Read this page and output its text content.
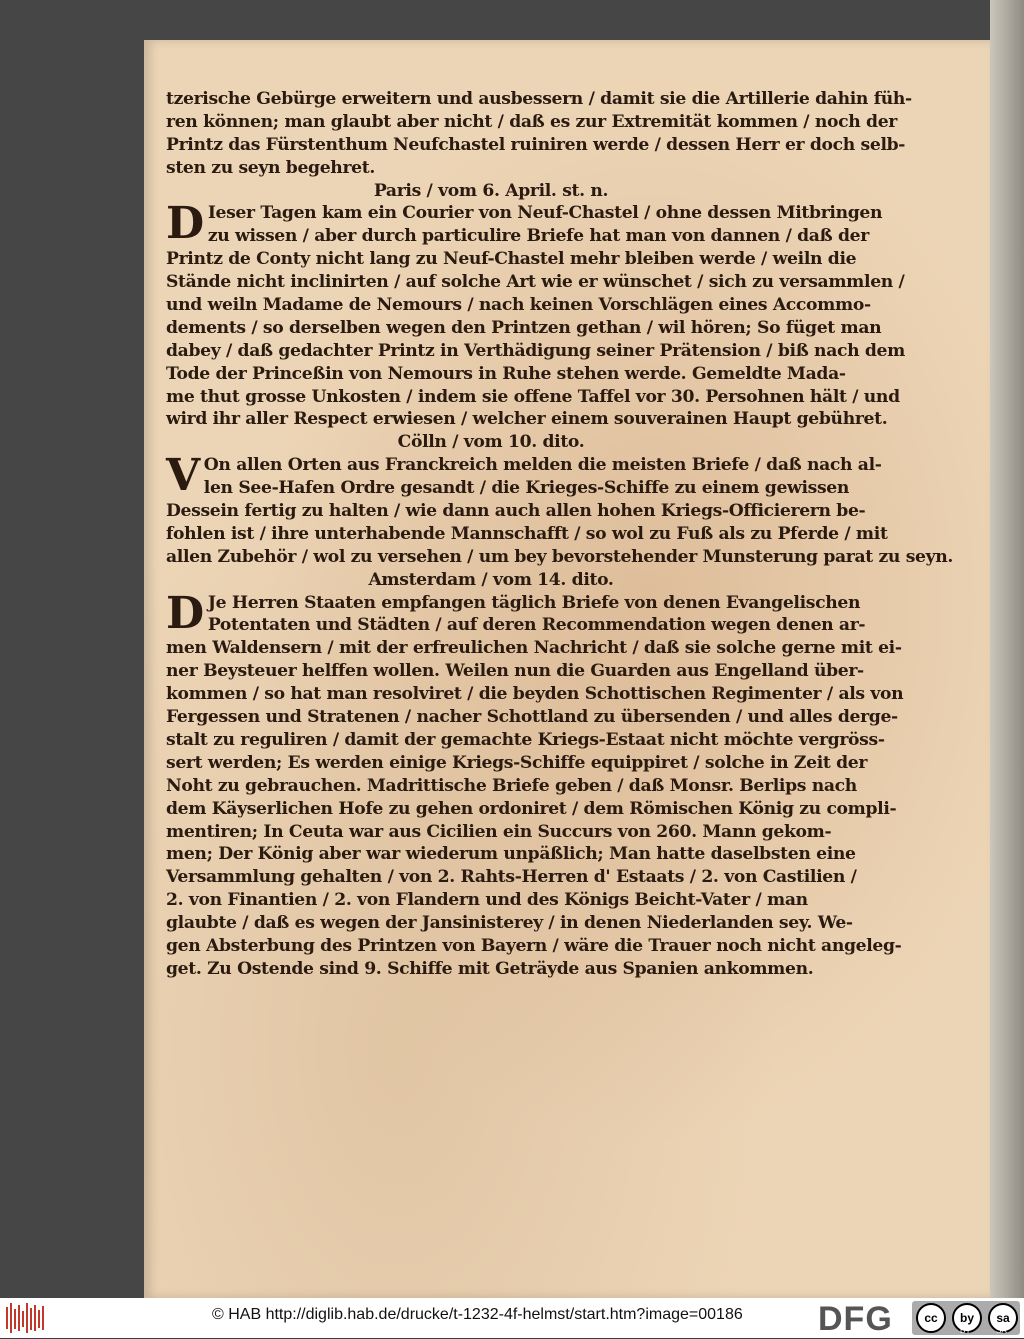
tzerische Gebürge erweitern und ausbessern / damit sie die Artillerie dahin füh-
ren können; man glaubt aber nicht / daß es zur Extremität kommen / noch der
Printz das Fürstenthum Neufchastel ruiniren werde / dessen Herr er doch selb-
sten zu seyn begehret.
Paris / vom 6. April. st. n.
D Ieser Tagen kam ein Courier von Neuf-Chastel / ohne dessen Mitbringen
zu wissen / aber durch particulire Briefe hat man von dannen / daß der
Printz de Conty nicht lang zu Neuf-Chastel mehr bleiben werde / weiln die
Stände nicht inclinirten / auf solche Art wie er wünschet / sich zu versammlen /
und weiln Madame de Nemours / nach keinen Vorschlägen eines Accommo-
dements / so derselben wegen den Printzen gethan / wil hören; So füget man
dabey / daß gedachter Printz in Verthädigung seiner Prätension / biß nach dem
Tode der Princeßin von Nemours in Ruhe stehen werde. Gemeldte Mada-
me thut grosse Unkosten / indem sie offene Taffel vor 30. Persohnen hält / und
wird ihr aller Respect erwiesen / welcher einem souverainen Haupt gebühret.
Cölln / vom 10. dito.
V On allen Orten aus Franckreich melden die meisten Briefe / daß nach al-
len See-Hafen Ordre gesandt / die Krieges-Schiffe zu einem gewissen
Dessein fertig zu halten / wie dann auch allen hohen Kriegs-Officierern be-
fohlen ist / ihre unterhabende Mannschafft / so wol zu Fuß als zu Pferde / mit
allen Zubehör / wol zu versehen / um bey bevorstehender Munsterung parat zu seyn.
Amsterdam / vom 14. dito.
D Je Herren Staaten empfangen täglich Briefe von denen Evangelischen
Potentaten und Städten / auf deren Recommendation wegen denen ar-
men Waldensern / mit der erfreulichen Nachricht / daß sie solche gerne mit ei-
ner Beysteuer helffen wollen. Weilen nun die Guarden aus Engelland über-
kommen / so hat man resolviret / die beyden Schottischen Regimenter / als von
Fergessen und Stratenen / nacher Schottland zu übersenden / und alles derge-
stalt zu reguliren / damit der gemachte Kriegs-Estaat nicht möchte vergröss-
sert werden; Es werden einige Kriegs-Schiffe equippiret / solche in Zeit der
Noht zu gebrauchen. Madrittische Briefe geben / daß Monsr. Berlips nach
dem Käyserlichen Hofe zu gehen ordoniret / dem Römischen König zu compli-
mentiren; In Ceuta war aus Cicilien ein Succurs von 260. Mann gekom-
men; Der König aber war wiederum unpäßlich; Man hatte daselbsten eine
Versammlung gehalten / von 2. Rahts-Herren d' Estaats / 2. von Castilien /
2. von Finantien / 2. von Flandern und des Königs Beicht-Vater / man
glaubte / daß es wegen der Jansinisterey / in denen Niederlanden sey. We-
gen Absterbung des Printzen von Bayern / wäre die Trauer noch nicht angeleg-
get. Zu Ostende sind 9. Schiffe mit Geträyde aus Spanien ankommen.
© HAB http://diglib.hab.de/drucke/t-1232-4f-helmst/start.htm?image=00186 DFG	cc	by	sa
BY	SA
